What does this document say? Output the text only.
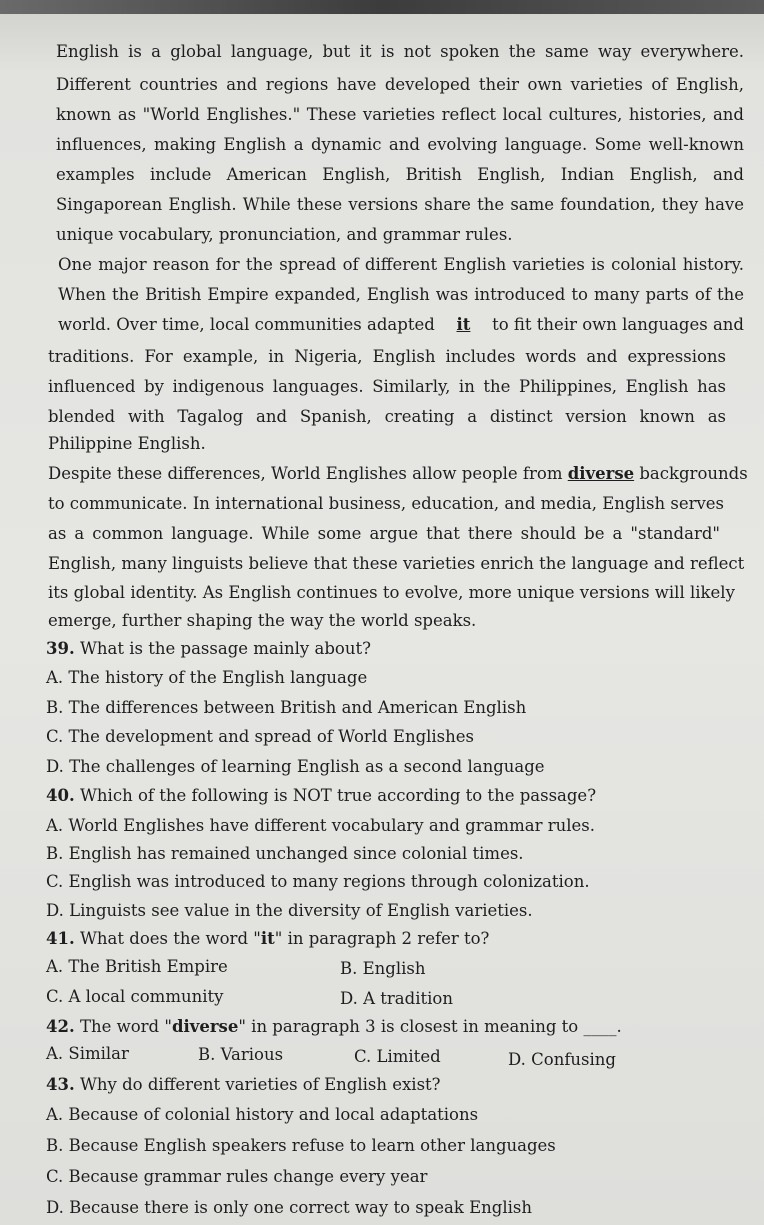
English is a global language, but it is not spoken the same way everywhere.
Different countries and regions have developed their own varieties of English,
known as "World Englishes." These varieties reflect local cultures, histories, and
influences, making English a dynamic and evolving language. Some well-known
examples include American English, British English, Indian English, and
Singaporean English. While these versions share the same foundation, they have
unique vocabulary, pronunciation, and grammar rules.
One major reason for the spread of different English varieties is colonial history.
When the British Empire expanded, English was introduced to many parts of the
world. Over time, local communities adapted it to fit their own languages and
traditions. For example, in Nigeria, English includes words and expressions
influenced by indigenous languages. Similarly, in the Philippines, English has
blended with Tagalog and Spanish, creating a distinct version known as
Philippine English.
Despite these differences, World Englishes allow people from diverse backgrounds
to communicate. In international business, education, and media, English serves
as a common language. While some argue that there should be a "standard"
English, many linguists believe that these varieties enrich the language and reflect
its global identity. As English continues to evolve, more unique versions will likely
emerge, further shaping the way the world speaks.
39. What is the passage mainly about?
A. The history of the English language
B. The differences between British and American English
C. The development and spread of World Englishes
D. The challenges of learning English as a second language
40. Which of the following is NOT true according to the passage?
A. World Englishes have different vocabulary and grammar rules.
B. English has remained unchanged since colonial times.
C. English was introduced to many regions through colonization.
D. Linguists see value in the diversity of English varieties.
41. What does the word "it" in paragraph 2 refer to?
A. The British Empire	B. English
C. A local community	D. A tradition
42. The word "diverse" in paragraph 3 is closest in meaning to ____.
A. Similar	B. Various	C. Limited	D. Confusing
43. Why do different varieties of English exist?
A. Because of colonial history and local adaptations
B. Because English speakers refuse to learn other languages
C. Because grammar rules change every year
D. Because there is only one correct way to speak English
